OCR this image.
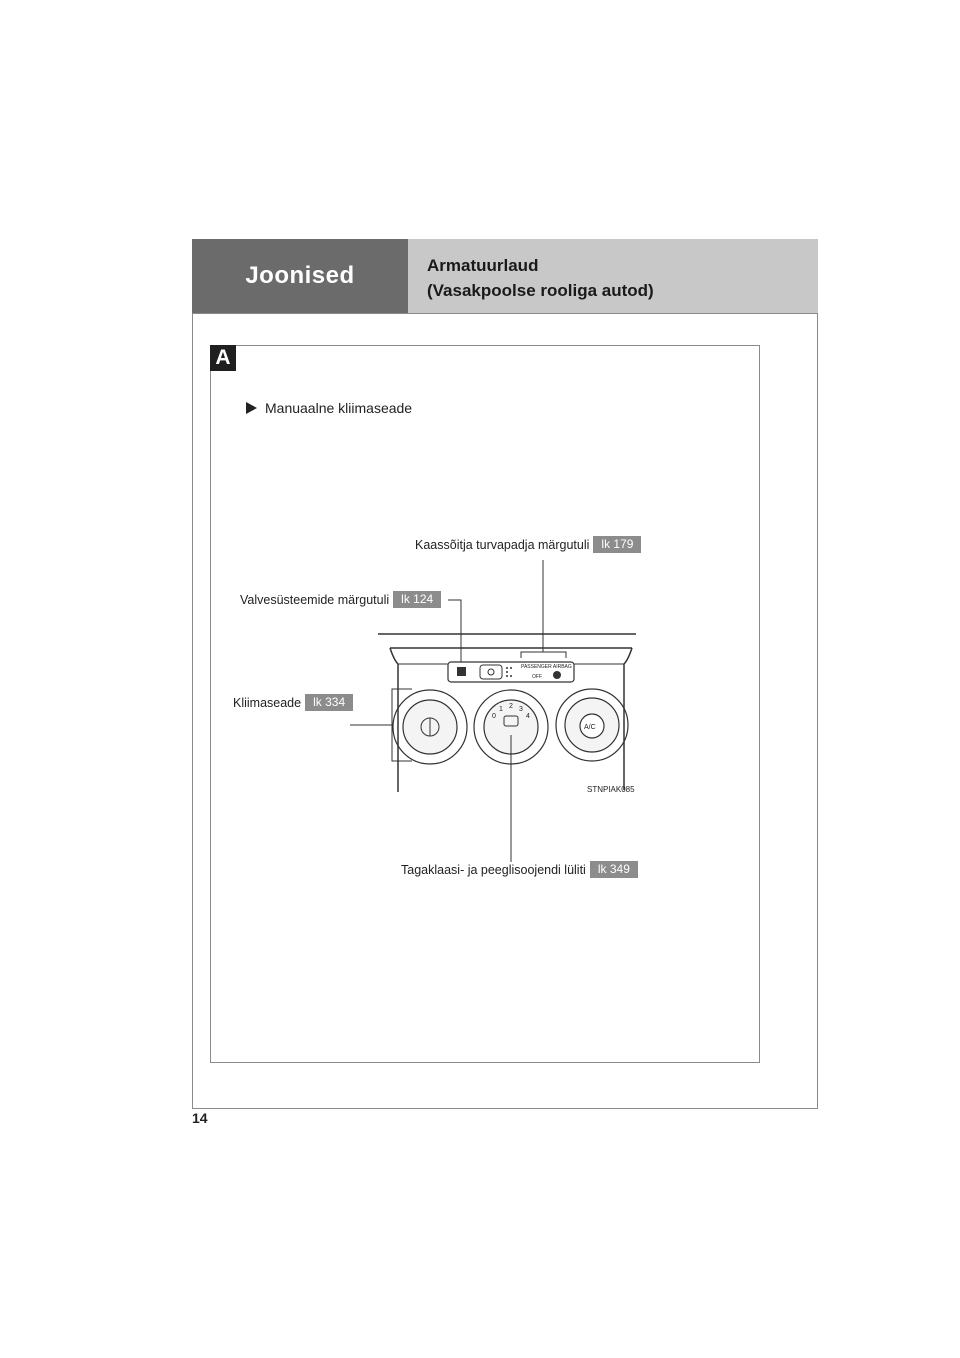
Joonised	Armatuurlaud
(Vasakpoolse rooliga autod)
A
Manuaalne kliimaseade
PASSENGER AIRBAG
OFF
0
1 2 3
4
A/C
STNPIAK085
Kaassõitja turvapadja märgutuli	lk 179
Valvesüsteemide märgutuli	lk 124
Kliimaseade	lk 334
Tagaklaasi- ja peeglisoojendi lüliti	lk 349
14
